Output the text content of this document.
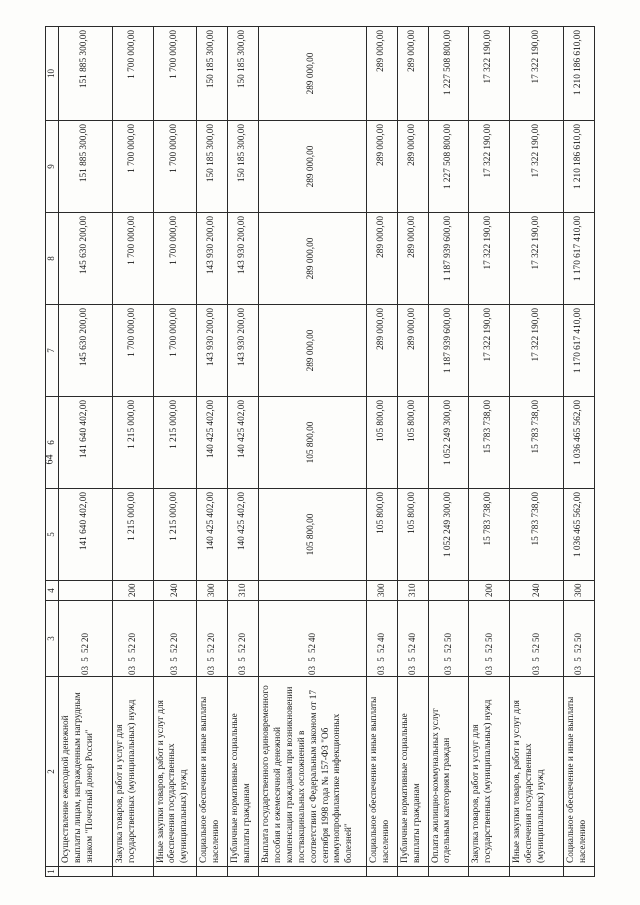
64
1	2	3	4	5	6	7	8	9	10
	Осуществление ежегодной денежной выплаты лицам, награжденным нагрудным знаком "Почетный донор России"	0355220		141 640 402,00	141 640 402,00	145 630 200,00	145 630 200,00	151 885 300,00	151 885 300,00
	Закупка товаров, работ и услуг для государственных (муниципальных) нужд	0355220	200	1 215 000,00	1 215 000,00	1 700 000,00	1 700 000,00	1 700 000,00	1 700 000,00
	Иные закупки товаров, работ и услуг для обеспечения государственных (муниципальных) нужд	0355220	240	1 215 000,00	1 215 000,00	1 700 000,00	1 700 000,00	1 700 000,00	1 700 000,00
	Социальное обеспечение и иные выплаты населению	0355220	300	140 425 402,00	140 425 402,00	143 930 200,00	143 930 200,00	150 185 300,00	150 185 300,00
	Публичные нормативные социальные выплаты гражданам	0355220	310	140 425 402,00	140 425 402,00	143 930 200,00	143 930 200,00	150 185 300,00	150 185 300,00
	Выплата государственного единовременного пособия и ежемесячной денежной компенсации гражданам при возникновении поствакцинальных осложнений в соответствии с Федеральным законом от 17 сентября 1998 года № 157-ФЗ "Об иммунопрофилактике инфекционных болезней"	0355240		105 800,00	105 800,00	289 000,00	289 000,00	289 000,00	289 000,00
	Социальное обеспечение и иные выплаты населению	0355240	300	105 800,00	105 800,00	289 000,00	289 000,00	289 000,00	289 000,00
	Публичные нормативные социальные выплаты гражданам	0355240	310	105 800,00	105 800,00	289 000,00	289 000,00	289 000,00	289 000,00
	Оплата жилищно-коммунальных услуг отдельным категориям граждан	0355250		1 052 249 300,00	1 052 249 300,00	1 187 939 600,00	1 187 939 600,00	1 227 508 800,00	1 227 508 800,00
	Закупка товаров, работ и услуг для государственных (муниципальных) нужд	0355250	200	15 783 738,00	15 783 738,00	17 322 190,00	17 322 190,00	17 322 190,00	17 322 190,00
	Иные закупки товаров, работ и услуг для обеспечения государственных (муниципальных) нужд	0355250	240	15 783 738,00	15 783 738,00	17 322 190,00	17 322 190,00	17 322 190,00	17 322 190,00
	Социальное обеспечение и иные выплаты населению	0355250	300	1 036 465 562,00	1 036 465 562,00	1 170 617 410,00	1 170 617 410,00	1 210 186 610,00	1 210 186 610,00
